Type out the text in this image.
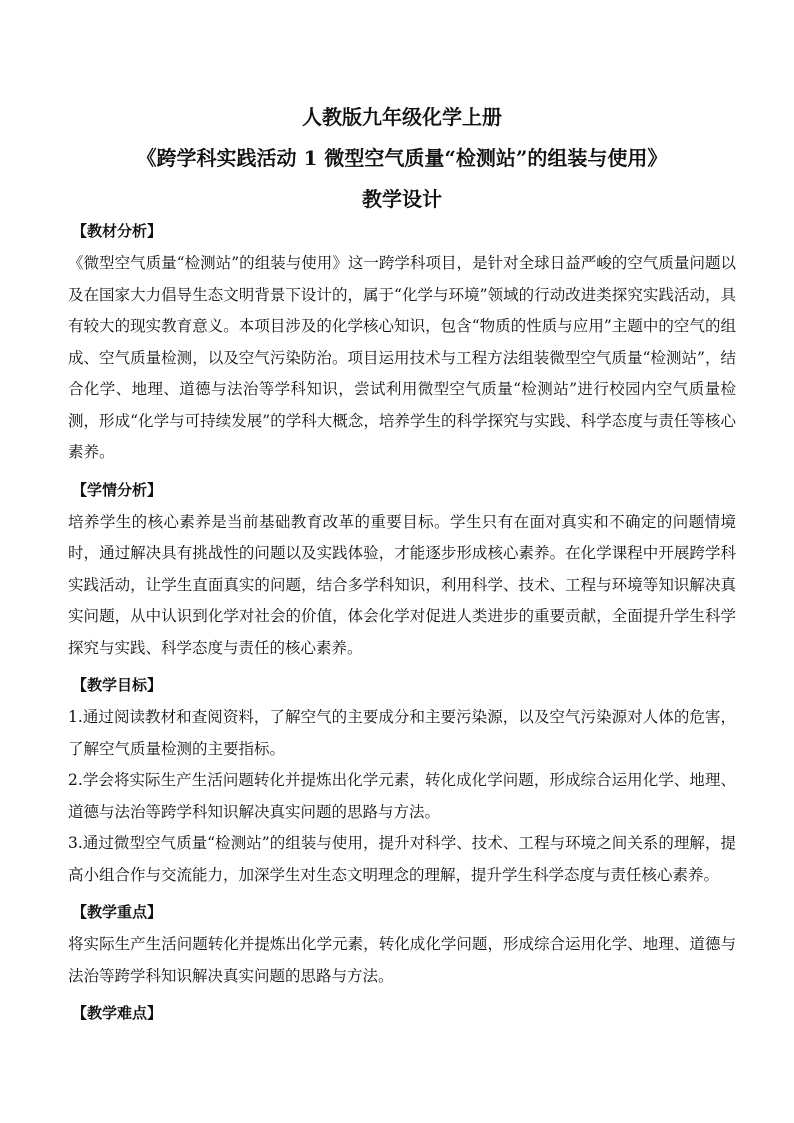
人教版九年级化学上册
《跨学科实践活动 1 微型空气质量“检测站”的组装与使用》
教学设计
【教材分析】

《微型空气质量“检测站”的组装与使用》这一跨学科项目，是针对全球日益严峻的空气质量问题以及在国家大力倡导生态文明背景下设计的，属于“化学与环境”领域的行动改进类探究实践活动，具有较大的现实教育意义。本项目涉及的化学核心知识，包含“物质的性质与应用”主题中的空气的组成、空气质量检测，以及空气污染防治。项目运用技术与工程方法组装微型空气质量“检测站”，结合化学、地理、道德与法治等学科知识，尝试利用微型空气质量“检测站”进行校园内空气质量检测，形成“化学与可持续发展”的学科大概念，培养学生的科学探究与实践、科学态度与责任等核心素养。

【学情分析】

培养学生的核心素养是当前基础教育改革的重要目标。学生只有在面对真实和不确定的问题情境时，通过解决具有挑战性的问题以及实践体验，才能逐步形成核心素养。在化学课程中开展跨学科实践活动，让学生直面真实的问题，结合多学科知识，利用科学、技术、工程与环境等知识解决真实问题，从中认识到化学对社会的价值，体会化学对促进人类进步的重要贡献，全面提升学生科学探究与实践、科学态度与责任的核心素养。

【教学目标】

1.通过阅读教材和查阅资料，了解空气的主要成分和主要污染源，以及空气污染源对人体的危害，了解空气质量检测的主要指标。

2.学会将实际生产生活问题转化并提炼出化学元素，转化成化学问题，形成综合运用化学、地理、道德与法治等跨学科知识解决真实问题的思路与方法。

3.通过微型空气质量“检测站”的组装与使用，提升对科学、技术、工程与环境之间关系的理解，提高小组合作与交流能力，加深学生对生态文明理念的理解，提升学生科学态度与责任核心素养。

【教学重点】

将实际生产生活问题转化并提炼出化学元素，转化成化学问题，形成综合运用化学、地理、道德与法治等跨学科知识解决真实问题的思路与方法。

【教学难点】
